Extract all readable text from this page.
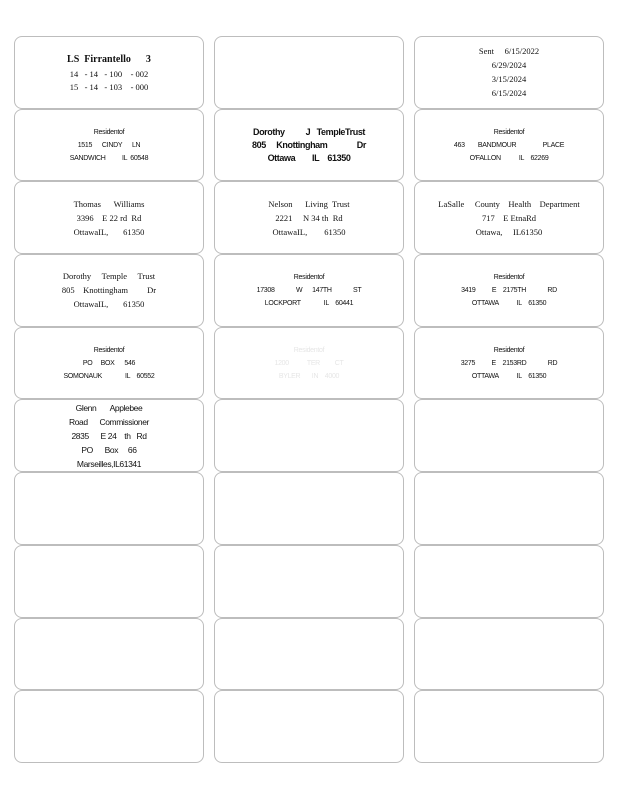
LS  Firrantello      3
14   - 14   - 100    - 002
15   - 14   - 103    - 000
Sent     6/15/2022
6/29/2024
3/15/2024
6/15/2024
Residentof
1515      CINDY      LN
SANDWICH          IL  60548
Dorothy          J   TempleTrust
805     Knottingham              Dr
Ottawa        IL    61350
Residentof
463        BANDMOUR                PLACE
O'FALLON           IL    62269
Thomas      Williams
3396    E 22 rd  Rd
OttawaIL,       61350
Nelson      Living  Trust
2221     N 34 th  Rd
OttawaIL,        61350
LaSalle     County    Health    Department
717    E EtnaRd
Ottawa,     IL61350
Dorothy     Temple     Trust
805    Knottingham         Dr
OttawaIL,       61350
Residentof
17308             W      147TH             ST
LOCKPORT              IL    60441
Residentof
3419          E    2175TH             RD
OTTAWA           IL    61350
Residentof
PO     BOX      546
SOMONAUK              IL    60552
Residentof
1200           TER         CT
BYLER       IN    4000
Residentof
3275          E    2153RD             RD
OTTAWA           IL    61350
Glenn       Applebee
Road      Commissioner
2835      E 24    th   Rd
PO      Box     66
Marseilles,IL61341
